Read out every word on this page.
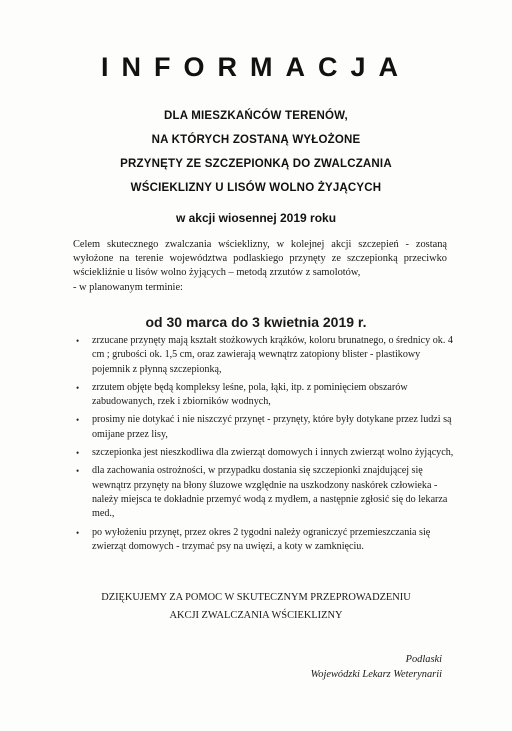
INFORMACJA
DLA MIESZKAŃCÓW TERENÓW,
NA KTÓRYCH ZOSTANĄ WYŁOŻONE
PRZYNĘTY ZE SZCZEPIONKĄ DO ZWALCZANIA
WŚCIEKLIZNY U LISÓW WOLNO ŻYJĄCYCH
w akcji wiosennej 2019 roku

Celem skutecznego zwalczania wścieklizny, w kolejnej akcji szczepień - zostaną wyłożone na terenie województwa podlaskiego przynęty ze szczepionką przeciwko wściekliźnie u lisów wolno żyjących – metodą zrzutów z samolotów,

- w planowanym terminie:

od 30 marca do 3 kwietnia 2019 r.
• zrzucane przynęty mają kształt stożkowych krążków, koloru brunatnego, o średnicy ok. 4 cm ; grubości ok. 1,5 cm, oraz zawierają wewnątrz zatopiony blister - plastikowy pojemnik z płynną szczepionką,
• zrzutem objęte będą kompleksy leśne, pola, łąki, itp. z pominięciem obszarów zabudowanych, rzek i zbiorników wodnych,
• prosimy nie dotykać i nie niszczyć przynęt - przynęty, które były dotykane przez ludzi są omijane przez lisy,
• szczepionka jest nieszkodliwa dla zwierząt domowych i innych zwierząt wolno żyjących,
• dla zachowania ostrożności, w przypadku dostania się szczepionki znajdującej się wewnątrz przynęty na błony śluzowe względnie na uszkodzony naskórek człowieka - należy miejsca te dokładnie przemyć wodą z mydłem, a następnie zgłosić się do lekarza med.,
• po wyłożeniu przynęt, przez okres 2 tygodni należy ograniczyć przemieszczania się zwierząt domowych - trzymać psy na uwięzi, a koty w zamknięciu.
DZIĘKUJEMY ZA POMOC W SKUTECZNYM PRZEPROWADZENIU
AKCJI ZWALCZANIA WŚCIEKLIZNY
Podlaski
Wojewódzki Lekarz Weterynarii
